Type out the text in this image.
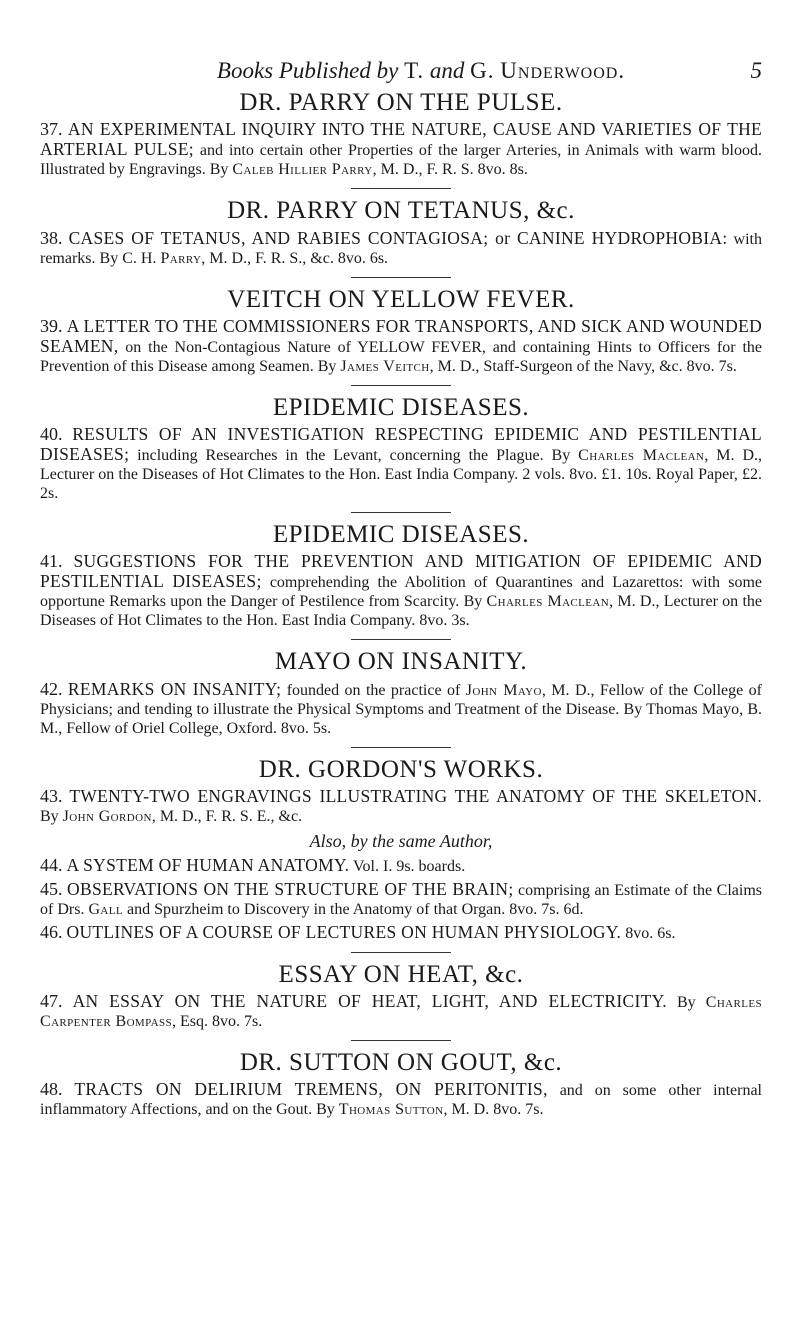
Books Published by T. and G. Underwood.	5
DR. PARRY ON THE PULSE.

37. AN EXPERIMENTAL INQUIRY INTO THE NATURE, CAUSE AND VARIETIES OF THE ARTERIAL PULSE; and into certain other Properties of the larger Arteries, in Animals with warm blood. Illustrated by Engravings. By Caleb Hillier Parry, M. D., F. R. S. 8vo. 8s.

DR. PARRY ON TETANUS, &c.

38. CASES OF TETANUS, AND RABIES CONTAGIOSA; or CANINE HYDROPHOBIA: with remarks. By C. H. Parry, M. D., F. R. S., &c. 8vo. 6s.

VEITCH ON YELLOW FEVER.

39. A LETTER TO THE COMMISSIONERS FOR TRANSPORTS, AND SICK AND WOUNDED SEAMEN, on the Non-Contagious Nature of YELLOW FEVER, and containing Hints to Officers for the Prevention of this Disease among Seamen. By James Veitch, M. D., Staff-Surgeon of the Navy, &c. 8vo. 7s.

EPIDEMIC DISEASES.

40. RESULTS OF AN INVESTIGATION RESPECTING EPIDEMIC AND PESTILENTIAL DISEASES; including Researches in the Levant, concerning the Plague. By Charles Maclean, M. D., Lecturer on the Diseases of Hot Climates to the Hon. East India Company. 2 vols. 8vo. £1. 10s. Royal Paper, £2. 2s.

EPIDEMIC DISEASES.

41. SUGGESTIONS FOR THE PREVENTION AND MITIGATION OF EPIDEMIC AND PESTILENTIAL DISEASES; comprehending the Abolition of Quarantines and Lazarettos: with some opportune Remarks upon the Danger of Pestilence from Scarcity. By Charles Maclean, M. D., Lecturer on the Diseases of Hot Climates to the Hon. East India Company. 8vo. 3s.

MAYO ON INSANITY.

42. REMARKS ON INSANITY; founded on the practice of John Mayo, M. D., Fellow of the College of Physicians; and tending to illustrate the Physical Symptoms and Treatment of the Disease. By Thomas Mayo, B. M., Fellow of Oriel College, Oxford. 8vo. 5s.

DR. GORDON'S WORKS.

43. TWENTY-TWO ENGRAVINGS ILLUSTRATING THE ANATOMY OF THE SKELETON. By John Gordon, M. D., F. R. S. E., &c.

Also, by the same Author,

44. A SYSTEM OF HUMAN ANATOMY. Vol. I. 9s. boards.

45. OBSERVATIONS ON THE STRUCTURE OF THE BRAIN; comprising an Estimate of the Claims of Drs. Gall and Spurzheim to Discovery in the Anatomy of that Organ. 8vo. 7s. 6d.

46. OUTLINES OF A COURSE OF LECTURES ON HUMAN PHYSIOLOGY. 8vo. 6s.

ESSAY ON HEAT, &c.

47. AN ESSAY ON THE NATURE OF HEAT, LIGHT, AND ELECTRICITY. By Charles Carpenter Bompass, Esq. 8vo. 7s.

DR. SUTTON ON GOUT, &c.

48. TRACTS ON DELIRIUM TREMENS, ON PERITONITIS, and on some other internal inflammatory Affections, and on the Gout. By Thomas Sutton, M. D. 8vo. 7s.
